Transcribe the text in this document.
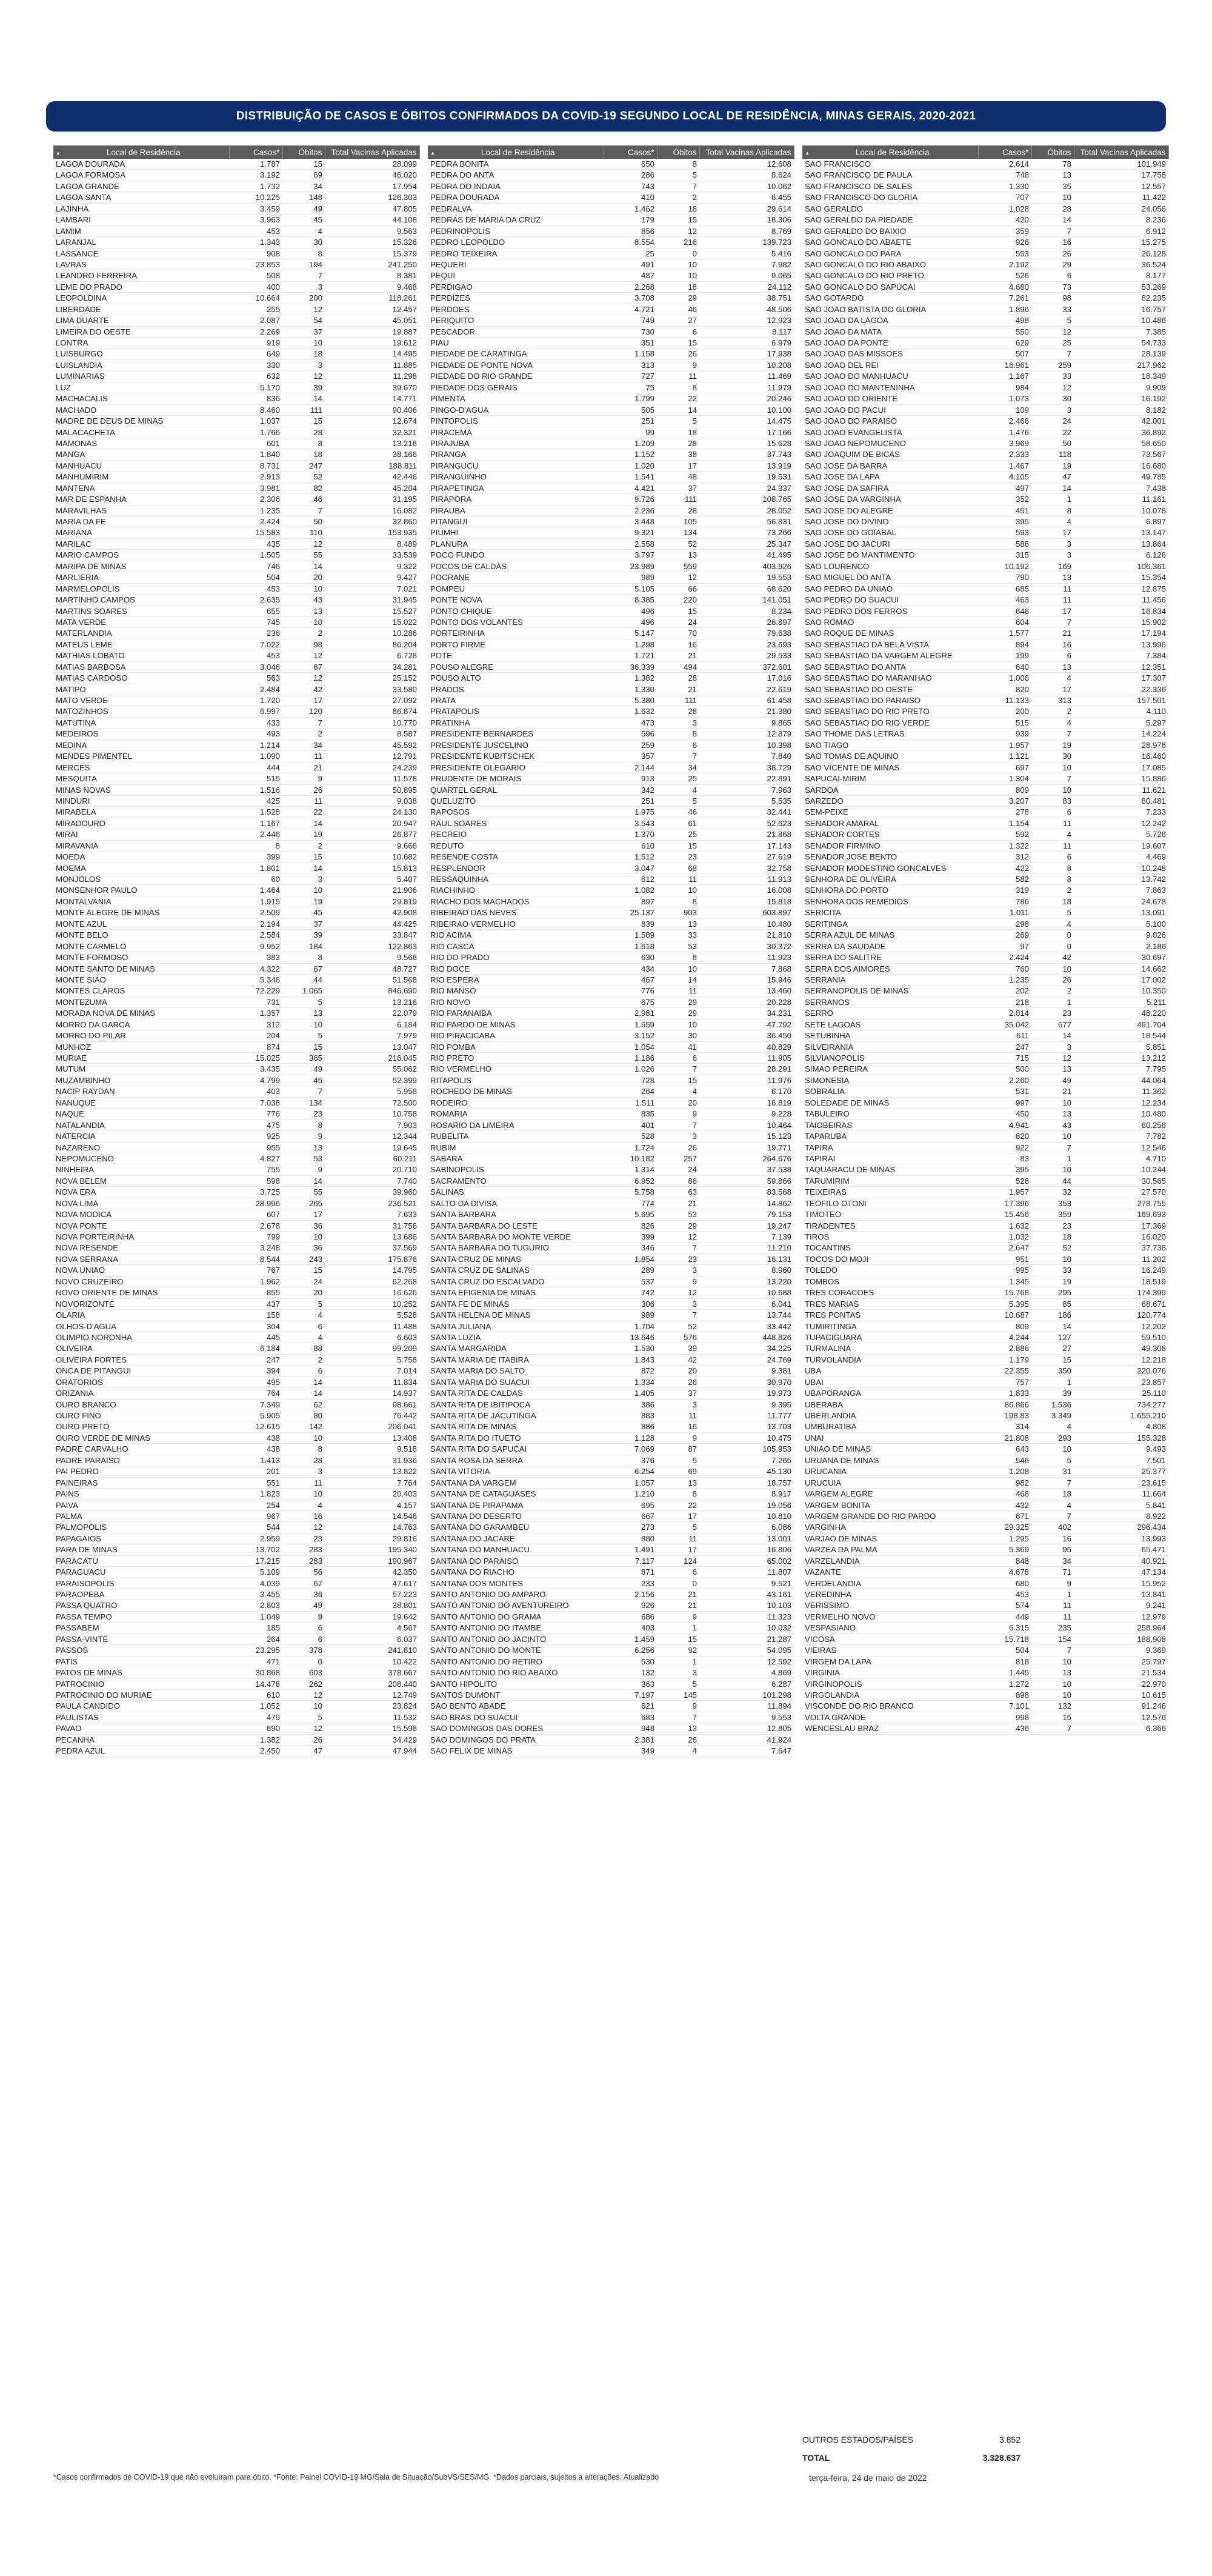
DISTRIBUIÇÃO DE CASOS E ÓBITOS CONFIRMADOS DA COVID-19 SEGUNDO LOCAL DE RESIDÊNCIA, MINAS GERAIS, 2020-2021
▲ Local de Residência	Casos*	Óbitos	Total Vacinas Aplicadas
LAGOA DOURADA	1.787	15	28.099
LAGOA FORMOSA	3.192	69	46.020
LAGOA GRANDE	1.732	34	17.954
LAGOA SANTA	10.225	148	126.303
LAJINHA	3.459	49	47.805
LAMBARI	3.963	45	44.108
LAMIM	453	4	9.563
LARANJAL	1.343	30	15.326
LASSANCE	908	8	15.379
LAVRAS	23.853	194	241.250
LEANDRO FERREIRA	508	7	8.381
LEME DO PRADO	400	3	9.468
LEOPOLDINA	10.664	200	118.261
LIBERDADE	255	12	12.457
LIMA DUARTE	2.087	54	45.051
LIMEIRA DO OESTE	2.269	37	19.887
LONTRA	919	10	19.612
LUISBURGO	649	18	14.495
LUISLANDIA	330	3	11.885
LUMINARIAS	632	12	11.298
LUZ	5.170	39	39.670
MACHACALIS	836	14	14.771
MACHADO	8.460	111	90.406
MADRE DE DEUS DE MINAS	1.037	15	12.674
MALACACHETA	1.766	28	32.321
MAMONAS	601	8	13.218
MANGA	1.840	18	38.166
MANHUACU	8.731	247	188.811
MANHUMIRIM	2.913	52	42.446
MANTENA	3.981	82	45.204
MAR DE ESPANHA	2.306	46	31.195
MARAVILHAS	1.235	7	16.082
MARIA DA FE	2.424	50	32.860
MARIANA	15.583	110	153.935
MARILAC	435	12	8.489
MARIO CAMPOS	1.505	55	33.539
MARIPA DE MINAS	746	14	9.322
MARLIERIA	504	20	9.427
MARMELOPOLIS	453	10	7.021
MARTINHO CAMPOS	2.635	43	31.945
MARTINS SOARES	655	13	15.527
MATA VERDE	745	10	15.022
MATERLANDIA	236	2	10.286
MATEUS LEME	7.022	98	86.204
MATHIAS LOBATO	453	12	6.728
MATIAS BARBOSA	3.046	67	34.281
MATIAS CARDOSO	563	12	25.152
MATIPO	2.484	42	33.580
MATO VERDE	1.720	17	27.092
MATOZINHOS	6.997	120	86.874
MATUTINA	433	7	10.770
MEDEIROS	493	2	8.587
MEDINA	1.214	34	45.592
MENDES PIMENTEL	1.090	11	12.791
MERCES	444	21	24.239
MESQUITA	515	9	11.578
MINAS NOVAS	1.516	26	50.895
MINDURI	425	11	9.038
MIRABELA	1.528	22	24.130
MIRADOURO	1.167	14	20.947
MIRAI	2.446	19	26.877
MIRAVANIA	8	2	9.666
MOEDA	399	15	10.682
MOEMA	1.801	14	15.813
MONJOLOS	60	3	5.407
MONSENHOR PAULO	1.464	10	21.906
MONTALVANIA	1.915	19	29.819
MONTE ALEGRE DE MINAS	2.509	45	42.908
MONTE AZUL	2.194	37	44.425
MONTE BELO	2.584	39	33.847
MONTE CARMELO	9.952	184	122.863
MONTE FORMOSO	383	8	9.568
MONTE SANTO DE MINAS	4.322	67	48.727
MONTE SIAO	5.346	44	51.568
MONTES CLAROS	72.229	1.065	846.690
MONTEZUMA	731	5	13.216
MORADA NOVA DE MINAS	1.357	13	22.079
MORRO DA GARCA	312	10	6.184
MORRO DO PILAR	204	5	7.979
MUNHOZ	874	15	13.047
MURIAE	15.025	365	216.045
MUTUM	3.435	49	55.062
MUZAMBINHO	4.799	45	52.399
NACIP RAYDAN	403	7	5.958
NANUQUE	7.038	134	72.500
NAQUE	776	23	10.758
NATALANDIA	475	8	7.903
NATERCIA	925	9	12.344
NAZARENO	955	13	19.645
NEPOMUCENO	4.827	53	60.211
NINHEIRA	755	9	20.710
NOVA BELEM	598	14	7.740
NOVA ERA	3.725	55	39.960
NOVA LIMA	28.996	265	236.521
NOVA MODICA	607	17	7.633
NOVA PONTE	2.678	36	31.756
NOVA PORTEIRINHA	799	10	13.686
NOVA RESENDE	3.248	36	37.569
NOVA SERRANA	8.544	243	175.876
NOVA UNIAO	767	15	14.795
NOVO CRUZEIRO	1.962	24	62.268
NOVO ORIENTE DE MINAS	855	20	16.626
NOVORIZONTE	437	5	10.252
OLARIA	158	4	5.528
OLHOS-D'AGUA	304	6	11.488
OLIMPIO NORONHA	445	4	6.603
OLIVEIRA	6.184	88	99.209
OLIVEIRA FORTES	247	2	5.758
ONCA DE PITANGUI	394	6	7.014
ORATORIOS	495	14	11.834
ORIZANIA	764	14	14.937
OURO BRANCO	7.349	62	98.661
OURO FINO	5.905	80	76.442
OURO PRETO	12.615	142	206.041
OURO VERDE DE MINAS	438	10	13.408
PADRE CARVALHO	438	8	9.518
PADRE PARAISO	1.413	28	31.936
PAI PEDRO	201	3	13.822
PAINEIRAS	551	11	7.764
PAINS	1.823	10	20.403
PAIVA	254	4	4.157
PALMA	967	16	14.546
PALMOPOLIS	544	12	14.763
PAPAGAIOS	2.959	23	29.816
PARA DE MINAS	13.702	283	195.340
PARACATU	17.215	283	190.967
PARAGUACU	5.109	56	42.350
PARAISOPOLIS	4.039	67	47.617
PARAOPEBA	3.455	36	57.223
PASSA QUATRO	2.803	49	38.801
PASSA TEMPO	1.049	9	19.642
PASSABEM	185	6	4.567
PASSA-VINTE	264	6	6.037
PASSOS	23.295	378	241.810
PATIS	471	0	10.422
PATOS DE MINAS	30.868	603	378.667
PATROCINIO	14.478	262	208.440
PATROCINIO DO MURIAE	610	12	12.749
PAULA CANDIDO	1.052	10	23.824
PAULISTAS	479	5	11.532
PAVAO	890	12	15.598
PECANHA	1.382	26	34.429
PEDRA AZUL	2.450	47	47.944
▲ Local de Residência	Casos*	Óbitos	Total Vacinas Aplicadas
PEDRA BONITA	650	8	12.608
PEDRA DO ANTA	286	5	8.624
PEDRA DO INDAIA	743	7	10.062
PEDRA DOURADA	410	2	6.455
PEDRALVA	1.462	18	29.614
PEDRAS DE MARIA DA CRUZ	179	15	18.306
PEDRINOPOLIS	856	12	8.769
PEDRO LEOPOLDO	8.554	216	139.723
PEDRO TEIXEIRA	25	0	5.416
PEQUERI	491	10	7.982
PEQUI	487	10	9.065
PERDIGAO	2.268	18	24.112
PERDIZES	3.708	29	38.751
PERDOES	4.721	46	48.506
PERIQUITO	749	27	12.923
PESCADOR	730	6	8.117
PIAU	351	15	6.979
PIEDADE DE CARATINGA	1.158	26	17.938
PIEDADE DE PONTE NOVA	313	9	10.208
PIEDADE DO RIO GRANDE	727	11	11.469
PIEDADE DOS GERAIS	75	8	11.979
PIMENTA	1.799	22	20.246
PINGO-D'AGUA	505	14	10.100
PINTOPOLIS	251	5	14.475
PIRACEMA	99	18	17.166
PIRAJUBA	1.209	28	15.628
PIRANGA	1.152	38	37.743
PIRANGUCU	1.020	17	13.919
PIRANGUINHO	1.541	48	19.531
PIRAPETINGA	4.421	37	24.337
PIRAPORA	9.726	111	108.765
PIRAUBA	2.236	28	28.052
PITANGUI	3.448	105	56.831
PIUMHI	9.321	134	73.266
PLANURA	2.558	52	25.347
POCO FUNDO	3.797	13	41.495
POCOS DE CALDAS	23.989	559	403.926
POCRANE	989	12	19.553
POMPEU	5.105	66	68.620
PONTE NOVA	8.385	220	141.051
PONTO CHIQUE	496	15	8.234
PONTO DOS VOLANTES	496	24	26.897
PORTEIRINHA	5.147	70	79.638
PORTO FIRME	1.298	16	23.693
POTE	1.721	21	29.533
POUSO ALEGRE	36.339	494	372.601
POUSO ALTO	1.382	28	17.016
PRADOS	1.330	21	22.619
PRATA	5.380	111	61.458
PRATAPOLIS	1.632	28	21.380
PRATINHA	473	3	9.865
PRESIDENTE BERNARDES	596	8	12.879
PRESIDENTE JUSCELINO	259	6	10.398
PRESIDENTE KUBITSCHEK	357	7	7.840
PRESIDENTE OLEGARIO	2.144	34	38.729
PRUDENTE DE MORAIS	913	25	22.891
QUARTEL GERAL	342	4	7.963
QUELUZITO	251	5	5.535
RAPOSOS	1.975	46	32.441
RAUL SOARES	3.543	61	52.623
RECREIO	1.370	25	21.868
REDUTO	610	15	17.143
RESENDE COSTA	1.512	23	27.619
RESPLENDOR	3.047	68	32.758
RESSAQUINHA	612	11	11.913
RIACHINHO	1.082	10	16.008
RIACHO DOS MACHADOS	897	8	15.818
RIBEIRAO DAS NEVES	25.137	903	603.897
RIBEIRAO VERMELHO	839	13	10.480
RIO ACIMA	1.589	33	21.810
RIO CASCA	1.618	53	30.372
RIO DO PRADO	630	8	11.923
RIO DOCE	434	10	7.868
RIO ESPERA	467	14	15.946
RIO MANSO	776	11	13.460
RIO NOVO	675	29	20.228
RIO PARANAIBA	2.981	29	34.231
RIO PARDO DE MINAS	1.659	10	47.792
RIO PIRACICABA	3.152	30	36.450
RIO POMBA	1.054	41	40.829
RIO PRETO	1.186	6	11.905
RIO VERMELHO	1.026	7	28.291
RITAPOLIS	728	15	11.976
ROCHEDO DE MINAS	264	4	6.170
RODEIRO	1.511	20	16.819
ROMARIA	835	9	9.228
ROSARIO DA LIMEIRA	401	7	10.464
RUBELITA	528	3	15.123
RUBIM	1.724	26	19.771
SABARA	10.182	257	264.676
SABINOPOLIS	1.314	24	37.538
SACRAMENTO	6.952	86	59.866
SALINAS	5.758	63	83.568
SALTO DA DIVISA	774	21	14.862
SANTA BARBARA	5.695	53	79.153
SANTA BARBARA DO LESTE	826	29	19.247
SANTA BARBARA DO MONTE VERDE	399	12	7.139
SANTA BARBARA DO TUGURIO	346	7	11.210
SANTA CRUZ DE MINAS	1.854	23	16.131
SANTA CRUZ DE SALINAS	289	3	8.960
SANTA CRUZ DO ESCALVADO	537	9	13.220
SANTA EFIGENIA DE MINAS	742	12	10.688
SANTA FE DE MINAS	306	3	6.041
SANTA HELENA DE MINAS	989	7	13.744
SANTA JULIANA	1.704	52	33.442
SANTA LUZIA	13.646	576	448.826
SANTA MARGARIDA	1.530	39	34.225
SANTA MARIA DE ITABIRA	1.843	42	24.769
SANTA MARIA DO SALTO	872	20	9.381
SANTA MARIA DO SUACUI	1.334	26	30.970
SANTA RITA DE CALDAS	1.405	37	19.973
SANTA RITA DE IBITIPOCA	386	3	9.395
SANTA RITA DE JACUTINGA	883	11	11.777
SANTA RITA DE MINAS	886	16	13.703
SANTA RITA DO ITUETO	1.128	9	10.475
SANTA RITA DO SAPUCAI	7.069	87	105.953
SANTA ROSA DA SERRA	376	5	7.265
SANTA VITORIA	6.254	69	45.130
SANTANA DA VARGEM	1.057	13	18.757
SANTANA DE CATAGUASES	1.210	8	8.917
SANTANA DE PIRAPAMA	695	22	19.056
SANTANA DO DESERTO	667	17	10.810
SANTANA DO GARAMBEU	273	5	6.086
SANTANA DO JACARE	880	11	13.001
SANTANA DO MANHUACU	1.491	17	16.806
SANTANA DO PARAISO	7.117	124	65.002
SANTANA DO RIACHO	871	6	11.807
SANTANA DOS MONTES	233	0	9.521
SANTO ANTONIO DO AMPARO	2.156	21	43.161
SANTO ANTONIO DO AVENTUREIRO	926	21	10.103
SANTO ANTONIO DO GRAMA	686	9	11.323
SANTO ANTONIO DO ITAMBE	403	1	10.032
SANTO ANTONIO DO JACINTO	1.459	15	21.287
SANTO ANTONIO DO MONTE	6.256	92	54.095
SANTO ANTONIO DO RETIRO	530	1	12.592
SANTO ANTONIO DO RIO ABAIXO	132	3	4.869
SANTO HIPOLITO	363	5	6.287
SANTOS DUMONT	7.197	145	101.298
SAO BENTO ABADE	621	9	11.894
SAO BRAS DO SUACUI	683	7	9.553
SAO DOMINGOS DAS DORES	948	13	12.805
SAO DOMINGOS DO PRATA	2.381	26	41.924
SAO FELIX DE MINAS	349	4	7.647
▲ Local de Residência	Casos*	Óbitos	Total Vacinas Aplicadas
SAO FRANCISCO	2.614	78	101.949
SAO FRANCISCO DE PAULA	748	13	17.758
SAO FRANCISCO DE SALES	1.330	35	12.557
SAO FRANCISCO DO GLORIA	707	10	11.422
SAO GERALDO	1.028	28	24.056
SAO GERALDO DA PIEDADE	420	14	8.236
SAO GERALDO DO BAIXIO	359	7	6.912
SAO GONCALO DO ABAETE	926	16	15.275
SAO GONCALO DO PARA	553	26	26.128
SAO GONCALO DO RIO ABAIXO	2.192	29	36.524
SAO GONCALO DO RIO PRETO	526	6	8.177
SAO GONCALO DO SAPUCAI	4.680	73	53.269
SAO GOTARDO	7.261	98	82.235
SAO JOAO BATISTA DO GLORIA	1.896	33	16.757
SAO JOAO DA LAGOA	498	5	10.486
SAO JOAO DA MATA	550	12	7.385
SAO JOAO DA PONTE	629	25	54.733
SAO JOAO DAS MISSOES	507	7	28.139
SAO JOAO DEL REI	16.961	259	217.962
SAO JOAO DO MANHUACU	1.167	33	18.349
SAO JOAO DO MANTENINHA	984	12	9.909
SAO JOAO DO ORIENTE	1.073	30	16.192
SAO JOAO DO PACUI	109	3	8.182
SAO JOAO DO PARAISO	2.466	24	42.001
SAO JOAO EVANGELISTA	1.476	22	36.892
SAO JOAO NEPOMUCENO	3.969	50	58.650
SAO JOAQUIM DE BICAS	2.333	118	73.567
SAO JOSE DA BARRA	1.467	19	16.680
SAO JOSE DA LAPA	4.105	47	49.785
SAO JOSE DA SAFIRA	497	14	7.438
SAO JOSE DA VARGINHA	352	1	11.161
SAO JOSE DO ALEGRE	451	8	10.078
SAO JOSE DO DIVINO	395	4	6.897
SAO JOSE DO GOIABAL	593	17	13.147
SAO JOSE DO JACURI	588	3	13.864
SAO JOSE DO MANTIMENTO	315	3	6.126
SAO LOURENCO	10.192	169	106.361
SAO MIGUEL DO ANTA	790	13	15.354
SAO PEDRO DA UNIAO	685	11	12.875
SAO PEDRO DO SUACUI	463	11	11.456
SAO PEDRO DOS FERROS	646	17	16.834
SAO ROMAO	604	7	15.902
SAO ROQUE DE MINAS	1.577	21	17.194
SAO SEBASTIAO DA BELA VISTA	894	16	13.996
SAO SEBASTIAO DA VARGEM ALEGRE	199	6	7.384
SAO SEBASTIAO DO ANTA	640	13	12.351
SAO SEBASTIAO DO MARANHAO	1.006	4	17.307
SAO SEBASTIAO DO OESTE	820	17	22.336
SAO SEBASTIAO DO PARAISO	11.133	313	157.501
SAO SEBASTIAO DO RIO PRETO	200	2	4.110
SAO SEBASTIAO DO RIO VERDE	515	4	5.297
SAO THOME DAS LETRAS	939	7	14.224
SAO TIAGO	1.957	19	28.978
SAO TOMAS DE AQUINO	1.121	30	16.460
SAO VICENTE DE MINAS	697	10	17.085
SAPUCAI-MIRIM	1.304	7	15.886
SARDOA	809	10	11.621
SARZEDO	3.207	83	80.481
SEM-PEIXE	278	6	7.233
SENADOR AMARAL	1.154	11	12.242
SENADOR CORTES	592	4	5.726
SENADOR FIRMINO	1.322	11	19.607
SENADOR JOSE BENTO	312	6	4.469
SENADOR MODESTINO GONCALVES	422	8	10.248
SENHORA DE OLIVEIRA	582	8	13.742
SENHORA DO PORTO	319	2	7.863
SENHORA DOS REMEDIOS	786	18	24.678
SERICITA	1.011	5	13.091
SERITINGA	298	4	5.100
SERRA AZUL DE MINAS	269	0	9.026
SERRA DA SAUDADE	97	0	2.186
SERRA DO SALITRE	2.424	42	30.697
SERRA DOS AIMORES	760	10	14.662
SERRANIA	1.235	26	17.002
SERRANOPOLIS DE MINAS	202	2	10.350
SERRANOS	218	1	5.211
SERRO	2.014	23	48.220
SETE LAGOAS	35.042	677	491.704
SETUBINHA	611	14	18.544
SILVEIRANIA	247	3	5.851
SILVIANOPOLIS	715	12	13.212
SIMAO PEREIRA	500	13	7.795
SIMONESIA	2.260	49	44.064
SOBRALIA	531	21	11.362
SOLEDADE DE MINAS	997	10	12.234
TABULEIRO	450	13	10.480
TAIOBEIRAS	4.941	43	60.256
TAPARUBA	820	10	7.782
TAPIRA	922	7	12.546
TAPIRAI	83	1	4.710
TAQUARACU DE MINAS	395	10	10.244
TARUMIRIM	528	44	30.565
TEIXEIRAS	1.957	32	27.570
TEOFILO OTONI	17.396	353	278.755
TIMOTEO	15.456	359	169.693
TIRADENTES	1.632	23	17.369
TIROS	1.032	18	16.020
TOCANTINS	2.647	52	37.738
TOCOS DO MOJI	951	10	11.202
TOLEDO	995	33	16.249
TOMBOS	1.345	19	18.519
TRES CORACOES	15.768	295	174.399
TRES MARIAS	5.395	85	68.671
TRES PONTAS	10.687	186	120.774
TUMIRITINGA	809	14	12.202
TUPACIGUARA	4.244	127	59.510
TURMALINA	2.886	27	49.308
TURVOLANDIA	1.179	15	12.218
UBA	22.355	350	220.076
UBAI	757	1	23.857
UBAPORANGA	1.833	39	25.110
UBERABA	86.866	1.536	734.277
UBERLANDIA	198.83	3.349	1.655.210
UMBURATIBA	314	4	4.808
UNAI	21.808	293	155.328
UNIAO DE MINAS	643	10	9.493
URUANA DE MINAS	546	5	7.501
URUCANIA	1.208	31	25.377
URUCUIA	982	7	23.615
VARGEM ALEGRE	468	18	11.664
VARGEM BONITA	432	4	5.841
VARGEM GRANDE DO RIO PARDO	671	7	8.922
VARGINHA	29.325	402	296.434
VARJAO DE MINAS	1.295	16	13.993
VARZEA DA PALMA	5.369	95	65.471
VARZELANDIA	848	34	40.921
VAZANTE	4.678	71	47.134
VERDELANDIA	680	9	15.952
VEREDINHA	453	1	13.841
VERISSIMO	574	11	9.241
VERMELHO NOVO	449	11	12.979
VESPASIANO	6.315	235	258.964
VICOSA	15.718	154	188.908
VIEIRAS	504	7	9.369
VIRGEM DA LAPA	818	10	25.797
VIRGINIA	1.445	13	21.534
VIRGINOPOLIS	1.272	10	22.970
VIRGOLANDIA	898	10	10.615
VISCONDE DO RIO BRANCO	7.101	132	91.246
VOLTA GRANDE	998	15	12.576
WENCESLAU BRAZ	436	7	6.366
OUTROS ESTADOS/PAÍSES	3.852
TOTAL	3.328.637
*Casos confirmados de COVID-19 que não evoluíram para óbito. *Fonte: Painel COVID-19 MG/Sala de Situação/SubVS/SES/MG. *Dados parciais, sujeitos a alterações. Atualizado	terça-feira, 24 de maio de 2022
